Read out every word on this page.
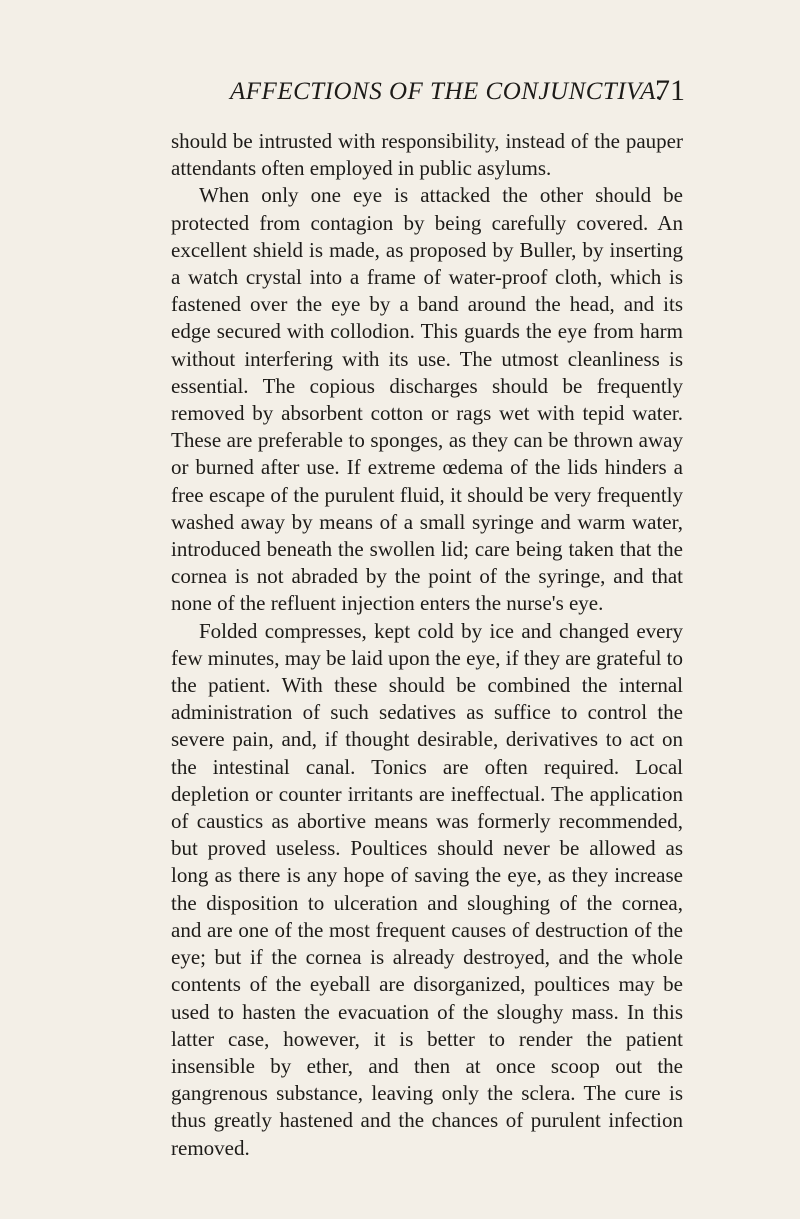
AFFECTIONS OF THE CONJUNCTIVA.
71

should be intrusted with responsibility, instead of the pauper attendants often employed in public asylums.

When only one eye is attacked the other should be protected from contagion by being carefully covered. An excellent shield is made, as proposed by Buller, by inserting a watch crystal into a frame of water-proof cloth, which is fastened over the eye by a band around the head, and its edge secured with collodion. This guards the eye from harm without interfering with its use. The utmost cleanliness is essential. The copious discharges should be frequently removed by absorbent cotton or rags wet with tepid water. These are preferable to sponges, as they can be thrown away or burned after use. If extreme œdema of the lids hinders a free escape of the purulent fluid, it should be very frequently washed away by means of a small syringe and warm water, introduced beneath the swollen lid; care being taken that the cornea is not abraded by the point of the syringe, and that none of the refluent injection enters the nurse's eye.

Folded compresses, kept cold by ice and changed every few minutes, may be laid upon the eye, if they are grateful to the patient. With these should be combined the internal administration of such sedatives as suffice to control the severe pain, and, if thought desirable, derivatives to act on the intestinal canal. Tonics are often required. Local depletion or counter irritants are ineffectual. The application of caustics as abortive means was formerly recommended, but proved useless. Poultices should never be allowed as long as there is any hope of saving the eye, as they increase the disposition to ulceration and sloughing of the cornea, and are one of the most frequent causes of destruction of the eye; but if the cornea is already destroyed, and the whole contents of the eyeball are disorganized, poultices may be used to hasten the evacuation of the sloughy mass. In this latter case, however, it is better to render the patient insensible by ether, and then at once scoop out the gangrenous substance, leaving only the sclera. The cure is thus greatly hastened and the chances of purulent infection removed.
